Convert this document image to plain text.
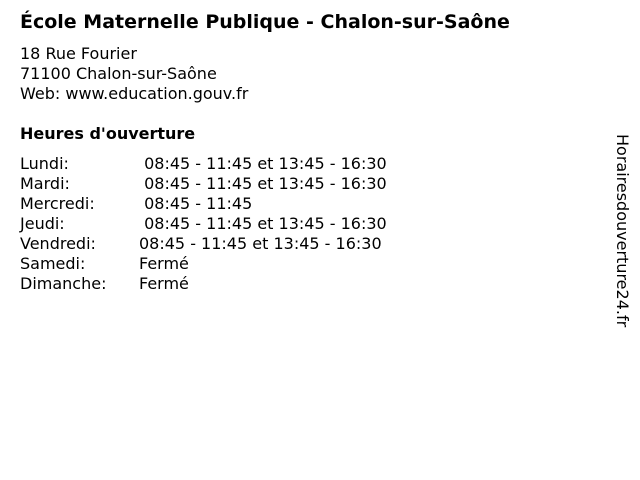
École Maternelle Publique - Chalon-sur-Saône
18 Rue Fourier
71100 Chalon-sur-Saône
Web: www.education.gouv.fr
Heures d'ouverture
Lundi:	08:45 - 11:45 et 13:45 - 16:30
Mardi:	08:45 - 11:45 et 13:45 - 16:30
Mercredi:	08:45 - 11:45
Jeudi:	08:45 - 11:45 et 13:45 - 16:30
Vendredi:	08:45 - 11:45 et 13:45 - 16:30
Samedi:	Fermé
Dimanche:	Fermé	Horairesdouverture24.fr
